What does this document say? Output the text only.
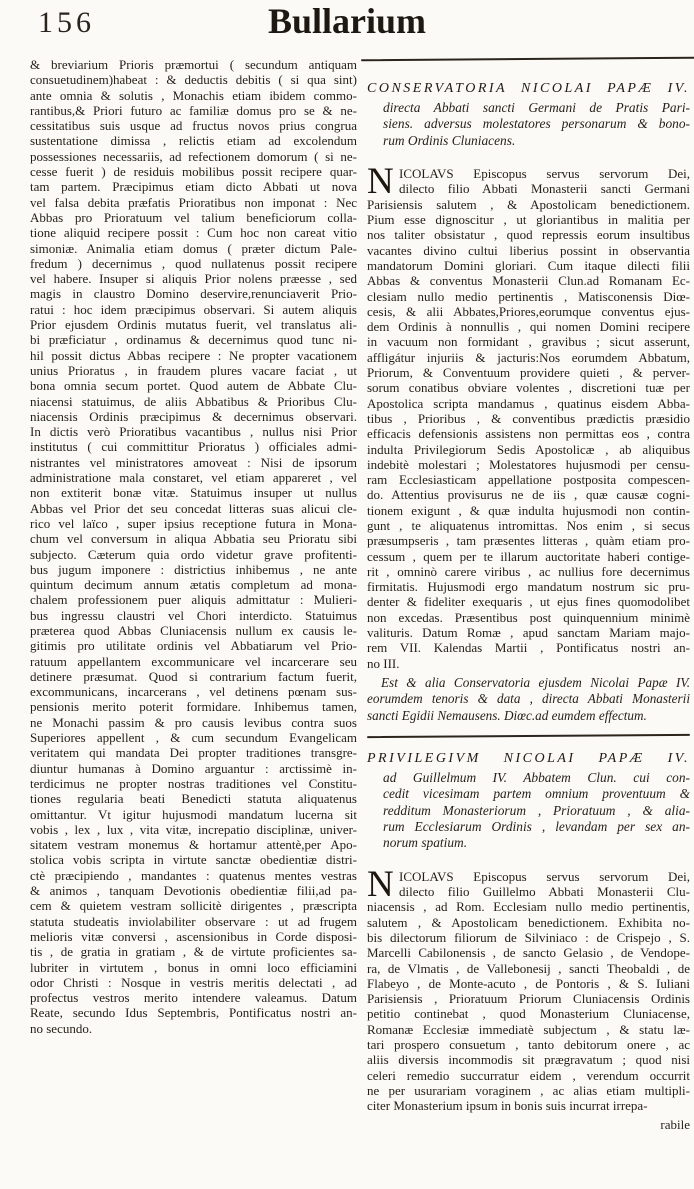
156	Bullarium
& breviarium Prioris præmortui ( secundum antiquam
consuetudinem)habeat : & deductis debitis ( si qua sint)
ante omnia & solutis , Monachis etiam ibidem commo-
rantibus,& Priori futuro ac familiæ domus pro se & ne-
cessitatibus suis usque ad fructus novos prius congrua
sustentatione dimissa , relictis etiam ad excolendum
possessiones necessariis, ad refectionem domorum ( si ne-
cesse fuerit ) de residuis mobilibus possit recipere quar-
tam partem. Præcipimus etiam dicto Abbati ut nova
vel falsa debita præfatis Prioratibus non imponat : Nec
Abbas pro Prioratuum vel talium beneficiorum colla-
tione aliquid recipere possit : Cum hoc non careat vitio
simoniæ. Animalia etiam domus ( præter dictum Pale-
fredum ) decernimus , quod nullatenus possit recipere
vel habere. Insuper si aliquis Prior nolens præesse , sed
magis in claustro Domino deservire,renunciaverit Prio-
ratui : hoc idem præcipimus observari. Si autem aliquis
Prior ejusdem Ordinis mutatus fuerit, vel translatus ali-
bi præficiatur , ordinamus & decernimus quod tunc ni-
hil possit dictus Abbas recipere : Ne propter vacationem
unius Prioratus , in fraudem plures vacare faciat , ut
bona omnia secum portet. Quod autem de Abbate Clu-
niacensi statuimus, de aliis Abbatibus & Prioribus Clu-
niacensis Ordinis præcipimus & decernimus observari.
In dictis verò Prioratibus vacantibus , nullus nisi Prior
institutus ( cui committitur Prioratus ) officiales admi-
nistrantes vel ministratores amoveat : Nisi de ipsorum
administratione mala constaret, vel etiam appareret , vel
non extiterit bonæ vitæ. Statuimus insuper ut nullus
Abbas vel Prior det seu concedat litteras suas alicui cle-
rico vel laïco , super ipsius receptione futura in Mona-
chum vel conversum in aliqua Abbatia seu Prioratu sibi
subjecto. Cæterum quia ordo videtur grave profitenti-
bus jugum imponere : districtius inhibemus , ne ante
quintum decimum annum ætatis completum ad mona-
chalem professionem puer aliquis admittatur : Mulieri-
bus ingressu claustri vel Chori interdicto. Statuimus
præterea quod Abbas Cluniacensis nullum ex causis le-
gitimis pro utilitate ordinis vel Abbatiarum vel Prio-
ratuum appellantem excommunicare vel incarcerare seu
detinere præsumat. Quod si contrarium factum fuerit,
excommunicans, incarcerans , vel detinens pœnam sus-
pensionis merito poterit formidare. Inhibemus tamen,
ne Monachi passim & pro causis levibus contra suos
Superiores appellent , & cum secundum Evangelicam
veritatem qui mandata Dei propter traditiones transgre-
diuntur humanas à Domino arguantur : arctissimè in-
terdicimus ne propter nostras traditiones vel Constitu-
tiones regularia beati Benedicti statuta aliquatenus
omittantur. Vt igitur hujusmodi mandatum lucerna sit
vobis , lex , lux , vita vitæ, increpatio disciplinæ, univer-
sitatem vestram monemus & hortamur attentè,per Apo-
stolica vobis scripta in virtute sanctæ obedientiæ distri-
ctè præcipiendo , mandantes : quatenus mentes vestras
& animos , tanquam Devotionis obedientiæ filii,ad pa-
cem & quietem vestram sollicitè dirigentes , præscripta
statuta studeatis inviolabiliter observare : ut ad frugem
melioris vitæ conversi , ascensionibus in Corde disposi-
tis , de gratia in gratiam , & de virtute proficientes sa-
lubriter in virtutem , bonus in omni loco efficiamini
odor Christi : Nosque in vestris meritis delectati , ad
profectus vestros merito intendere valeamus. Datum
Reate, secundo Idus Septembris, Pontificatus nostri an-
no secundo.
CONSERVATORIA NICOLAI PAPÆ IV.
directa Abbati sancti Germani de Pratis Pari-
siens. adversus molestatores personarum & bono-
rum Ordinis Cluniacens.
N ICOLAVS Episcopus servus servorum Dei,
dilecto filio Abbati Monasterii sancti Germani
Parisiensis salutem , & Apostolicam benedictionem.
Pium esse dignoscitur , ut gloriantibus in malitia per
nos taliter obsistatur , quod repressis eorum insultibus
vacantes divino cultui liberius possint in observantia
mandatorum Domini gloriari. Cum itaque dilecti filii
Abbas & conventus Monasterii Clun.ad Romanam Ec-
clesiam nullo medio pertinentis , Matisconensis Diœ-
cesis, & alii Abbates,Priores,eorumque conventus ejus-
dem Ordinis à nonnullis , qui nomen Domini recipere
in vacuum non formidant , gravibus ; sicut asserunt,
affligátur injuriis & jacturis:Nos eorumdem Abbatum,
Priorum, & Conventuum providere quieti , & perver-
sorum conatibus obviare volentes , discretioni tuæ per
Apostolica scripta mandamus , quatinus eisdem Abba-
tibus , Prioribus , & conventibus prædictis præsidio
efficacis defensionis assistens non permittas eos , contra
indulta Privilegiorum Sedis Apostolicæ , ab aliquibus
indebitè molestari ; Molestatores hujusmodi per censu-
ram Ecclesiasticam appellatione postposita compescen-
do. Attentius provisurus ne de iis , quæ causæ cogni-
tionem exigunt , & quæ indulta hujusmodi non contin-
gunt , te aliquatenus intromittas. Nos enim , si secus
præsumpseris , tam præsentes litteras , quàm etiam pro-
cessum , quem per te illarum auctoritate haberi contige-
rit , omninò carere viribus , ac nullius fore decernimus
firmitatis. Hujusmodi ergo mandatum nostrum sic pru-
denter & fideliter exequaris , ut ejus fines quomodolibet
non excedas. Præsentibus post quinquennium minimè
valituris. Datum Romæ , apud sanctam Mariam majo-
rem VII. Kalendas Martii , Pontificatus nostri an-
no III.
Est & alia Conservatoria ejusdem Nicolai Papæ IV.
eorumdem tenoris & data , directa Abbati Monasterii
sancti Egidii Nemausens. Diœc.ad eumdem effectum.
PRIVILEGIVM NICOLAI PAPÆ IV.
ad Guillelmum IV. Abbatem Clun. cui con-
cedit vicesimam partem omnium proventuum &
redditum Monasteriorum , Prioratuum , & alia-
rum Ecclesiarum Ordinis , levandam per sex an-
norum spatium.
N ICOLAVS Episcopus servus servorum Dei,
dilecto filio Guillelmo Abbati Monasterii Clu-
niacensis , ad Rom. Ecclesiam nullo medio pertinentis,
salutem , & Apostolicam benedictionem. Exhibita no-
bis dilectorum filiorum de Silviniaco : de Crispejo , S.
Marcelli Cabilonensis , de sancto Gelasio , de Vendope-
ra, de Vlmatis , de Vallebonesij , sancti Theobaldi , de
Flabeyo , de Monte-acuto , de Pontoris , & S. Iuliani
Parisiensis , Prioratuum Priorum Cluniacensis Ordinis
petitio continebat , quod Monasterium Cluniacense,
Romanæ Ecclesiæ immediatè subjectum , & statu læ-
tari prospero consuetum , tanto debitorum onere , ac
aliis diversis incommodis sit prægravatum ; quod nisi
celeri remedio succurratur eidem , verendum occurrit
ne per usurariam voraginem , ac alias etiam multipli-
citer Monasterium ipsum in bonis suis incurrat irrepa-
rabile
